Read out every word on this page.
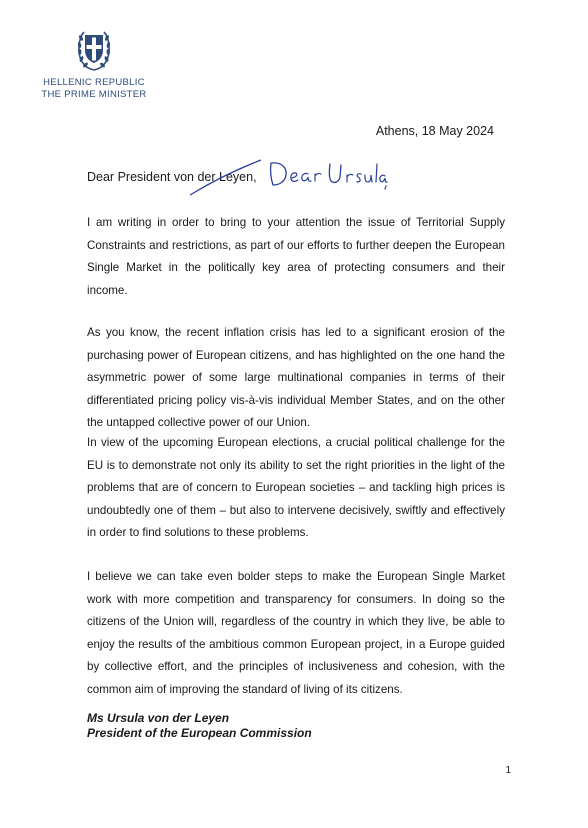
HELLENIC REPUBLIC
THE PRIME MINISTER
Athens, 18 May 2024
Dear President von der Leyen,

I am writing in order to bring to your attention the issue of Territorial Supply Constraints and restrictions, as part of our efforts to further deepen the European Single Market in the politically key area of protecting consumers and their income.

As you know, the recent inflation crisis has led to a significant erosion of the purchasing power of European citizens, and has highlighted on the one hand the asymmetric power of some large multinational companies in terms of their differentiated pricing policy vis-à-vis individual Member States, and on the other the untapped collective power of our Union.

In view of the upcoming European elections, a crucial political challenge for the EU is to demonstrate not only its ability to set the right priorities in the light of the problems that are of concern to European societies – and tackling high prices is undoubtedly one of them – but also to intervene decisively, swiftly and effectively in order to find solutions to these problems.

I believe we can take even bolder steps to make the European Single Market work with more competition and transparency for consumers. In doing so the citizens of the Union will, regardless of the country in which they live, be able to enjoy the results of the ambitious common European project, in a Europe guided by collective effort, and the principles of inclusiveness and cohesion, with the common aim of improving the standard of living of its citizens.

Ms Ursula von der Leyen
President of the European Commission
1
